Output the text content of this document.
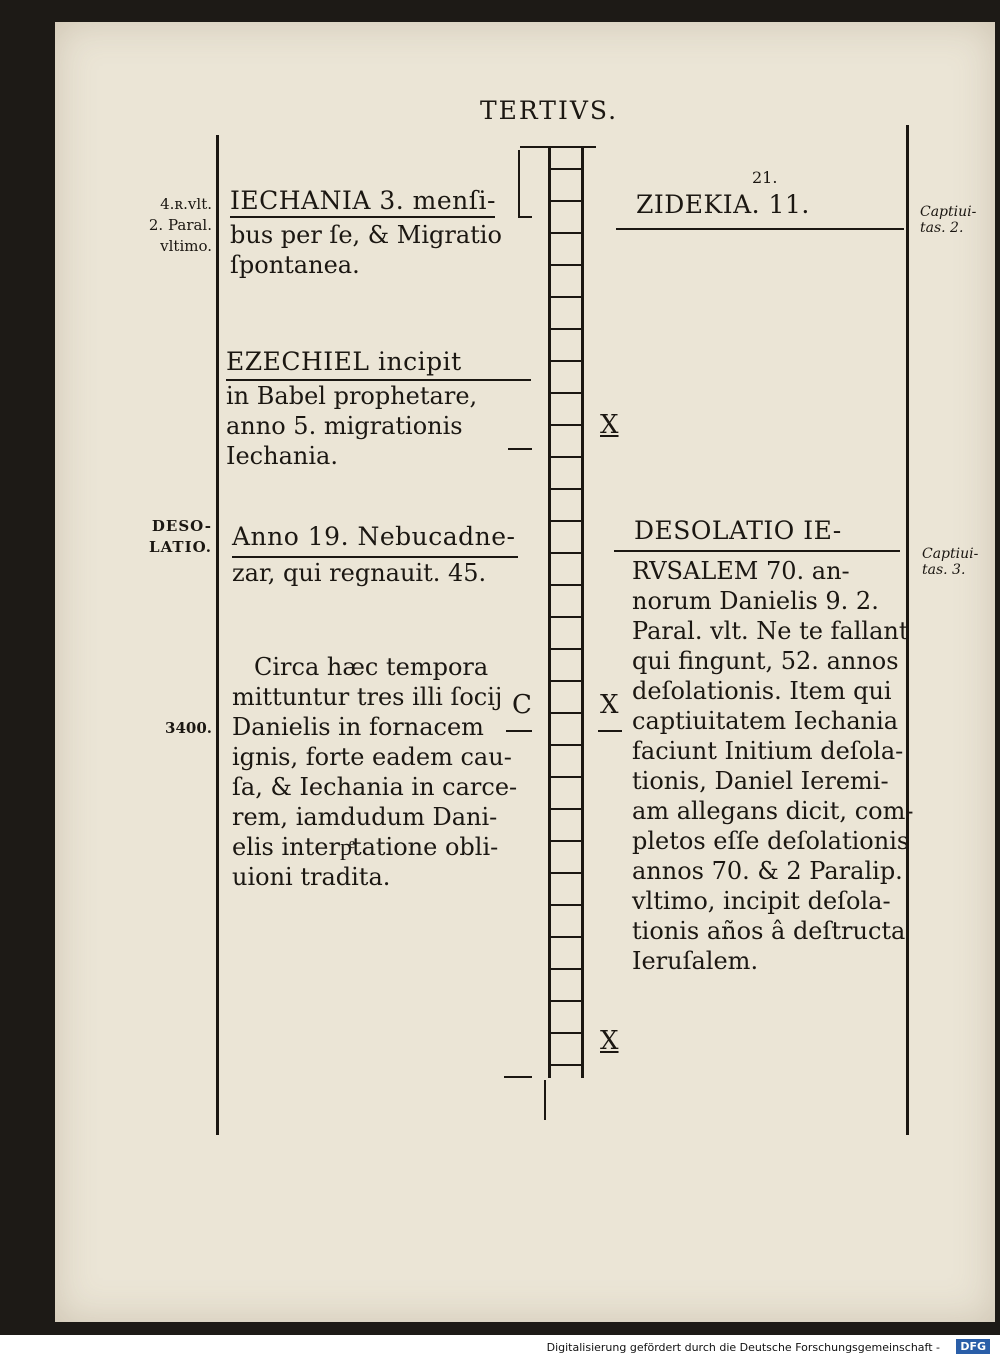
TERTIVS.
4.ʀ.vlt.
2. Paral.
vltimo.
DESO-
LATIO.
3400.
IECHANIA 3. menſi-
bus per ſe, & Migratio
ſpontanea.
EZECHIEL incipit
in Babel prophetare,
anno 5. migrationis
Iechania.
Anno 19. Nebucadne-
zar, qui regnauit. 45.
Circa hæc tempora
mittuntur tres illi ſocij
Danielis in fornacem
ignis, forte eadem cau-
ſa, & Iechania in carce-
rem, iamdudum Dani-
elis interpͤtatione obli-
uioni tradita.
X
C	X
X
21.
ZIDEKIA. 11.
DESOLATIO IE-
RVSALEM 70. an-
norum Danielis 9. 2.
Paral. vlt. Ne te fallant
qui fingunt, 52. annos
deſolationis. Item qui
captiuitatem Iechania
faciunt Initium deſola-
tionis, Daniel Ieremi-
am allegans dicit, com-
pletos eſſe deſolationis
annos 70. & 2 Paralip.
vltimo, incipit deſola-
tionis años â deſtructa
Ieruſalem.
Captiui-
tas. 2.
Captiui-
tas. 3.
Digitalisierung gefördert durch die Deutsche Forschungsgemeinschaft -	DFG
